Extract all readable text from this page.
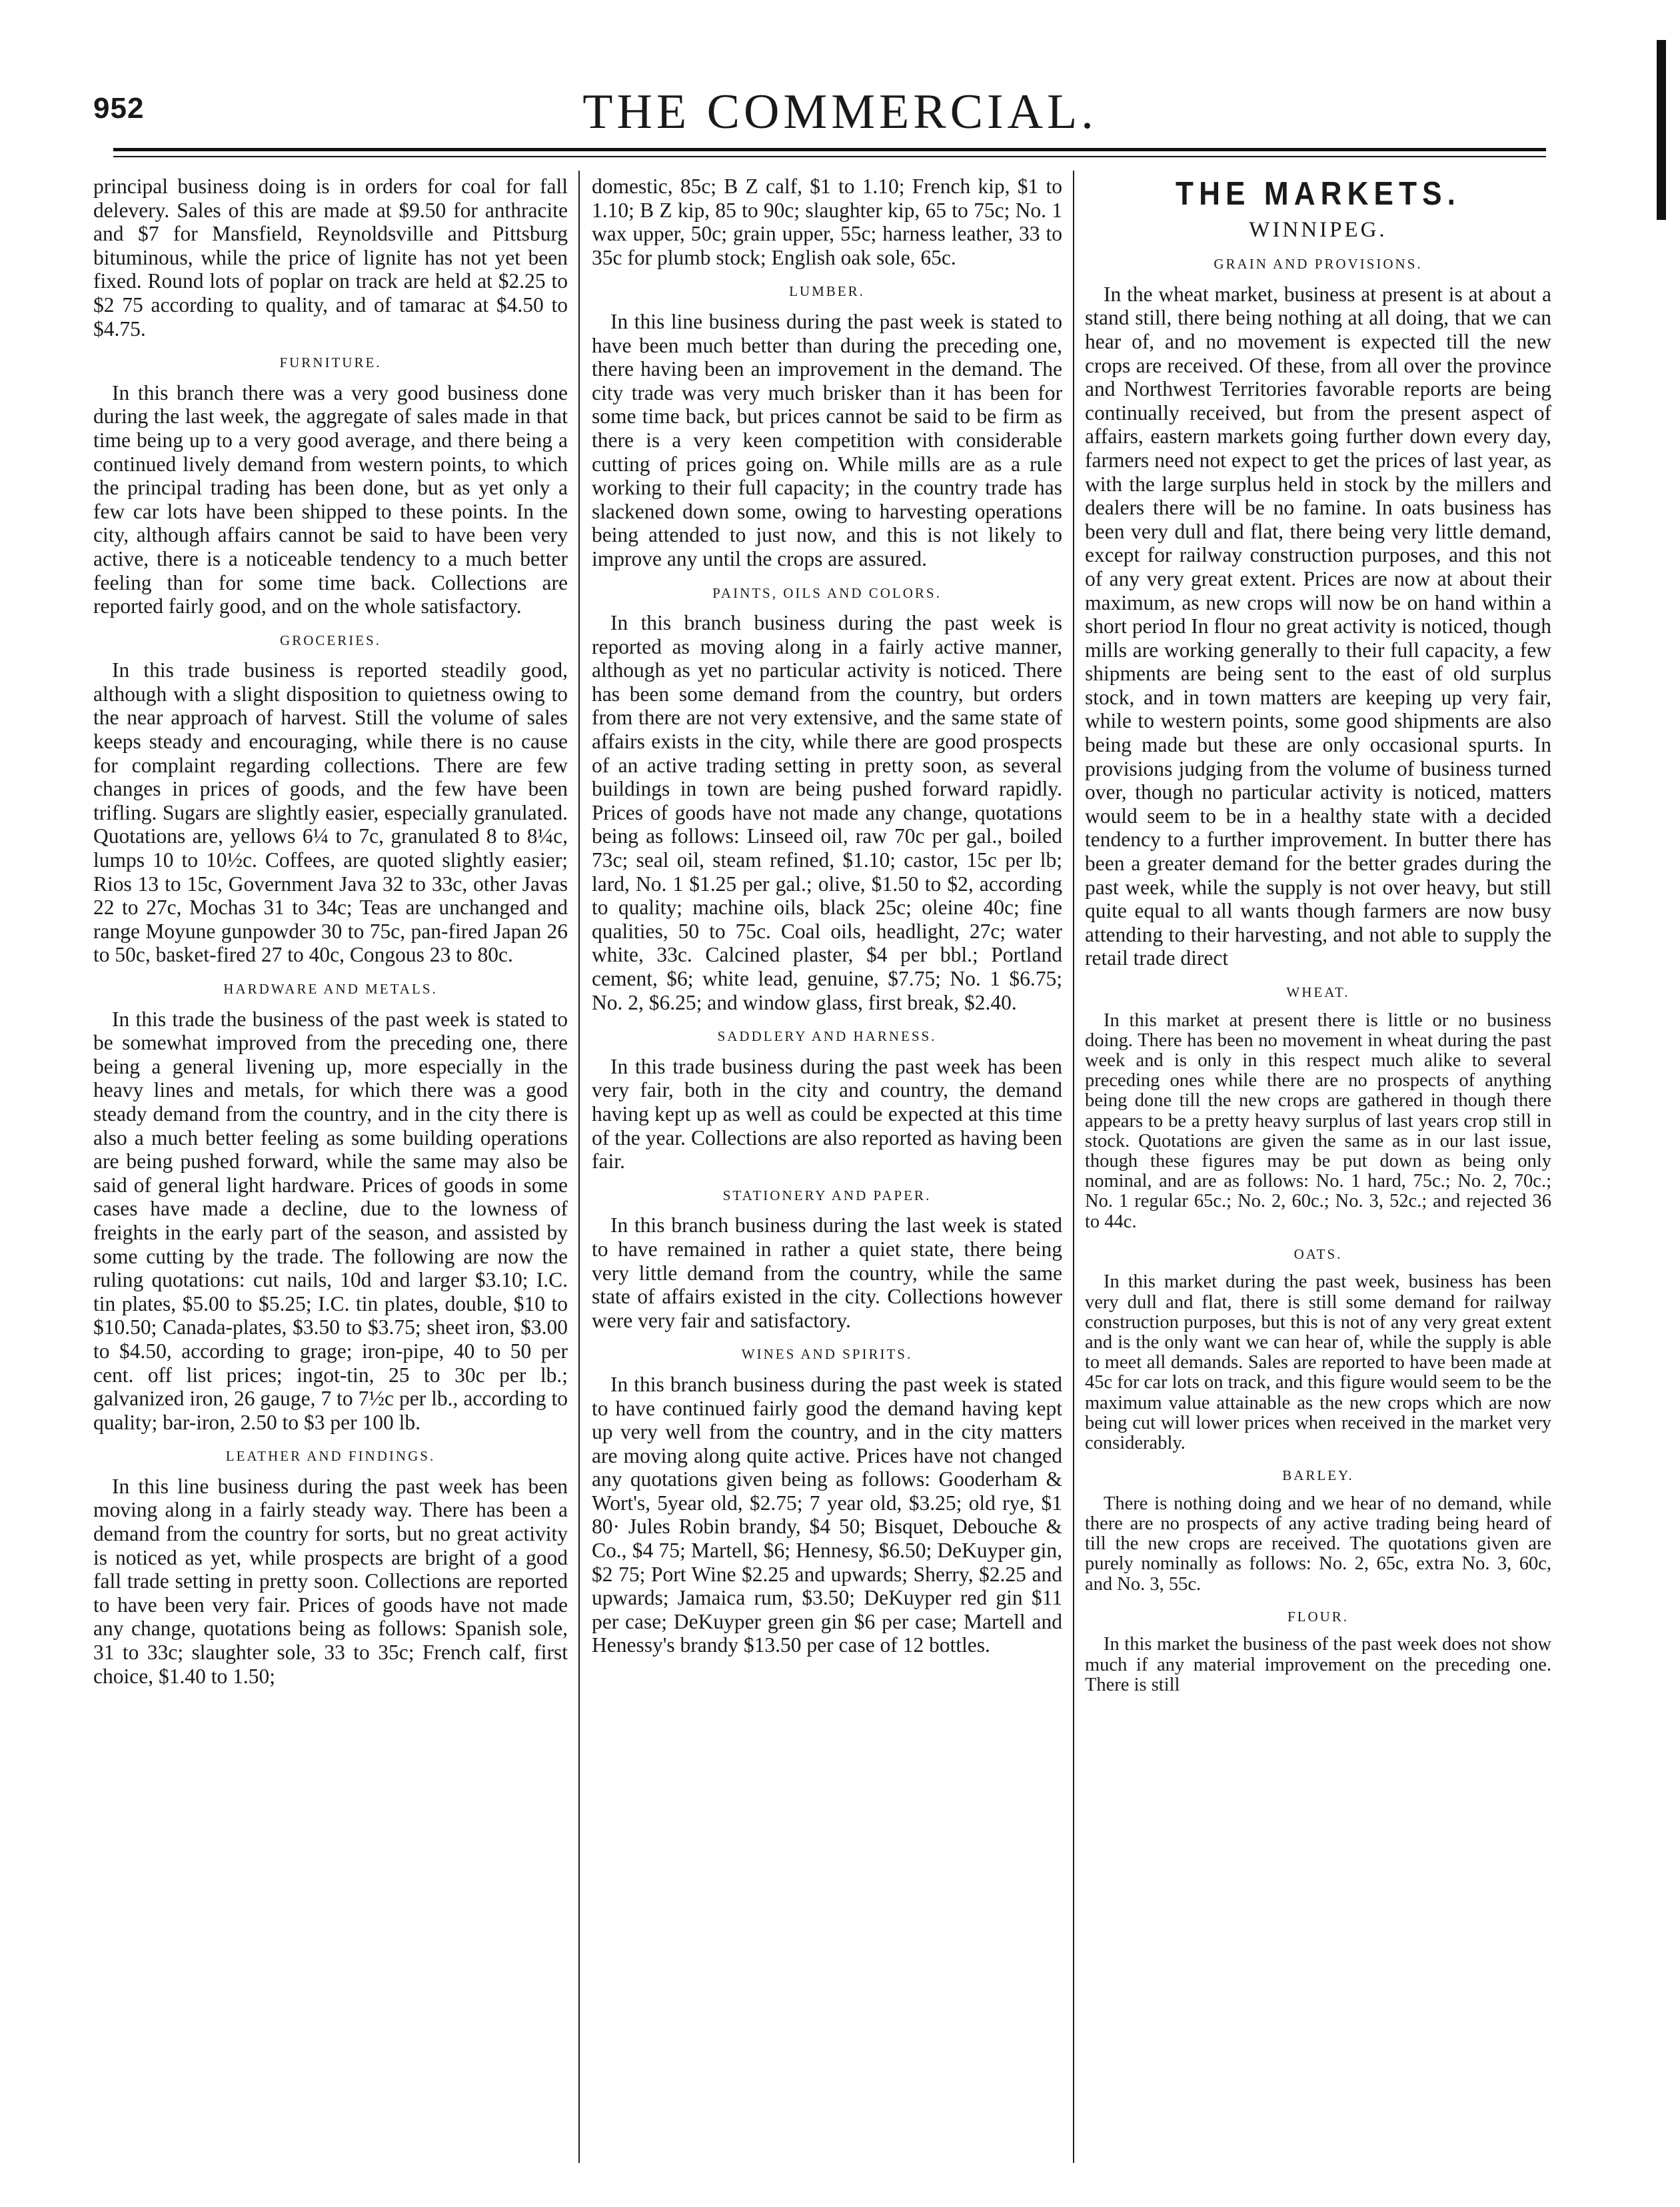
952	THE COMMERCIAL.

principal business doing is in orders for coal for fall delevery. Sales of this are made at $9.50 for anthracite and $7 for Mansfield, Reynoldsville and Pittsburg bituminous, while the price of lignite has not yet been fixed. Round lots of poplar on track are held at $2.25 to $2 75 according to quality, and of tamarac at $4.50 to $4.75.

FURNITURE.

In this branch there was a very good business done during the last week, the aggregate of sales made in that time being up to a very good average, and there being a continued lively demand from western points, to which the principal trading has been done, but as yet only a few car lots have been shipped to these points. In the city, although affairs cannot be said to have been very active, there is a noticeable tendency to a much better feeling than for some time back. Collections are reported fairly good, and on the whole satisfactory.

GROCERIES.

In this trade business is reported steadily good, although with a slight disposition to quietness owing to the near approach of harvest. Still the volume of sales keeps steady and encouraging, while there is no cause for complaint regarding collections. There are few changes in prices of goods, and the few have been trifling. Sugars are slightly easier, especially granulated. Quotations are, yellows 6¼ to 7c, granulated 8 to 8¼c, lumps 10 to 10½c. Coffees, are quoted slightly easier; Rios 13 to 15c, Government Java 32 to 33c, other Javas 22 to 27c, Mochas 31 to 34c; Teas are unchanged and range Moyune gunpowder 30 to 75c, pan-fired Japan 26 to 50c, basket-fired 27 to 40c, Congous 23 to 80c.

HARDWARE AND METALS.

In this trade the business of the past week is stated to be somewhat improved from the preceding one, there being a general livening up, more especially in the heavy lines and metals, for which there was a good steady demand from the country, and in the city there is also a much better feeling as some building operations are being pushed forward, while the same may also be said of general light hardware. Prices of goods in some cases have made a decline, due to the lowness of freights in the early part of the season, and assisted by some cutting by the trade. The following are now the ruling quotations: cut nails, 10d and larger $3.10; I.C. tin plates, $5.00 to $5.25; I.C. tin plates, double, $10 to $10.50; Canada-plates, $3.50 to $3.75; sheet iron, $3.00 to $4.50, according to grage; iron-pipe, 40 to 50 per cent. off list prices; ingot-tin, 25 to 30c per lb.; galvanized iron, 26 gauge, 7 to 7½c per lb., according to quality; bar-iron, 2.50 to $3 per 100 lb.

LEATHER AND FINDINGS.

In this line business during the past week has been moving along in a fairly steady way. There has been a demand from the country for sorts, but no great activity is noticed as yet, while prospects are bright of a good fall trade setting in pretty soon. Collections are reported to have been very fair. Prices of goods have not made any change, quotations being as follows: Spanish sole, 31 to 33c; slaughter sole, 33 to 35c; French calf, first choice, $1.40 to 1.50;

domestic, 85c; B Z calf, $1 to 1.10; French kip, $1 to 1.10; B Z kip, 85 to 90c; slaughter kip, 65 to 75c; No. 1 wax upper, 50c; grain upper, 55c; harness leather, 33 to 35c for plumb stock; English oak sole, 65c.

LUMBER.

In this line business during the past week is stated to have been much better than during the preceding one, there having been an improvement in the demand. The city trade was very much brisker than it has been for some time back, but prices cannot be said to be firm as there is a very keen competition with considerable cutting of prices going on. While mills are as a rule working to their full capacity; in the country trade has slackened down some, owing to harvesting operations being attended to just now, and this is not likely to improve any until the crops are assured.

PAINTS, OILS AND COLORS.

In this branch business during the past week is reported as moving along in a fairly active manner, although as yet no particular activity is noticed. There has been some demand from the country, but orders from there are not very extensive, and the same state of affairs exists in the city, while there are good prospects of an active trading setting in pretty soon, as several buildings in town are being pushed forward rapidly. Prices of goods have not made any change, quotations being as follows: Linseed oil, raw 70c per gal., boiled 73c; seal oil, steam refined, $1.10; castor, 15c per lb; lard, No. 1 $1.25 per gal.; olive, $1.50 to $2, according to quality; machine oils, black 25c; oleine 40c; fine qualities, 50 to 75c. Coal oils, headlight, 27c; water white, 33c. Calcined plaster, $4 per bbl.; Portland cement, $6; white lead, genuine, $7.75; No. 1 $6.75; No. 2, $6.25; and window glass, first break, $2.40.

SADDLERY AND HARNESS.

In this trade business during the past week has been very fair, both in the city and country, the demand having kept up as well as could be expected at this time of the year. Collections are also reported as having been fair.

STATIONERY AND PAPER.

In this branch business during the last week is stated to have remained in rather a quiet state, there being very little demand from the country, while the same state of affairs existed in the city. Collections however were very fair and satisfactory.

WINES AND SPIRITS.

In this branch business during the past week is stated to have continued fairly good the demand having kept up very well from the country, and in the city matters are moving along quite active. Prices have not changed any quotations given being as follows: Gooderham & Wort's, 5year old, $2.75; 7 year old, $3.25; old rye, $1 80· Jules Robin brandy, $4 50; Bisquet, Debouche & Co., $4 75; Martell, $6; Hennesy, $6.50; DeKuyper gin, $2 75; Port Wine $2.25 and upwards; Sherry, $2.25 and upwards; Jamaica rum, $3.50; DeKuyper red gin $11 per case; DeKuyper green gin $6 per case; Martell and Henessy's brandy $13.50 per case of 12 bottles.

THE MARKETS.
WINNIPEG.
GRAIN AND PROVISIONS.

In the wheat market, business at present is at about a stand still, there being nothing at all doing, that we can hear of, and no movement is expected till the new crops are received. Of these, from all over the province and Northwest Territories favorable reports are being continually received, but from the present aspect of affairs, eastern markets going further down every day, farmers need not expect to get the prices of last year, as with the large surplus held in stock by the millers and dealers there will be no famine. In oats business has been very dull and flat, there being very little demand, except for railway construction purposes, and this not of any very great extent. Prices are now at about their maximum, as new crops will now be on hand within a short period In flour no great activity is noticed, though mills are working generally to their full capacity, a few shipments are being sent to the east of old surplus stock, and in town matters are keeping up very fair, while to western points, some good shipments are also being made but these are only occasional spurts. In provisions judging from the volume of business turned over, though no particular activity is noticed, matters would seem to be in a healthy state with a decided tendency to a further improvement. In butter there has been a greater demand for the better grades during the past week, while the supply is not over heavy, but still quite equal to all wants though farmers are now busy attending to their harvesting, and not able to supply the retail trade direct

WHEAT.

In this market at present there is little or no business doing. There has been no movement in wheat during the past week and is only in this respect much alike to several preceding ones while there are no prospects of anything being done till the new crops are gathered in though there appears to be a pretty heavy surplus of last years crop still in stock. Quotations are given the same as in our last issue, though these figures may be put down as being only nominal, and are as follows: No. 1 hard, 75c.; No. 2, 70c.; No. 1 regular 65c.; No. 2, 60c.; No. 3, 52c.; and rejected 36 to 44c.

OATS.

In this market during the past week, business has been very dull and flat, there is still some demand for railway construction purposes, but this is not of any very great extent and is the only want we can hear of, while the supply is able to meet all demands. Sales are reported to have been made at 45c for car lots on track, and this figure would seem to be the maximum value attainable as the new crops which are now being cut will lower prices when received in the market very considerably.

BARLEY.

There is nothing doing and we hear of no demand, while there are no prospects of any active trading being heard of till the new crops are received. The quotations given are purely nominally as follows: No. 2, 65c, extra No. 3, 60c, and No. 3, 55c.

FLOUR.

In this market the business of the past week does not show much if any material improvement on the preceding one. There is still
